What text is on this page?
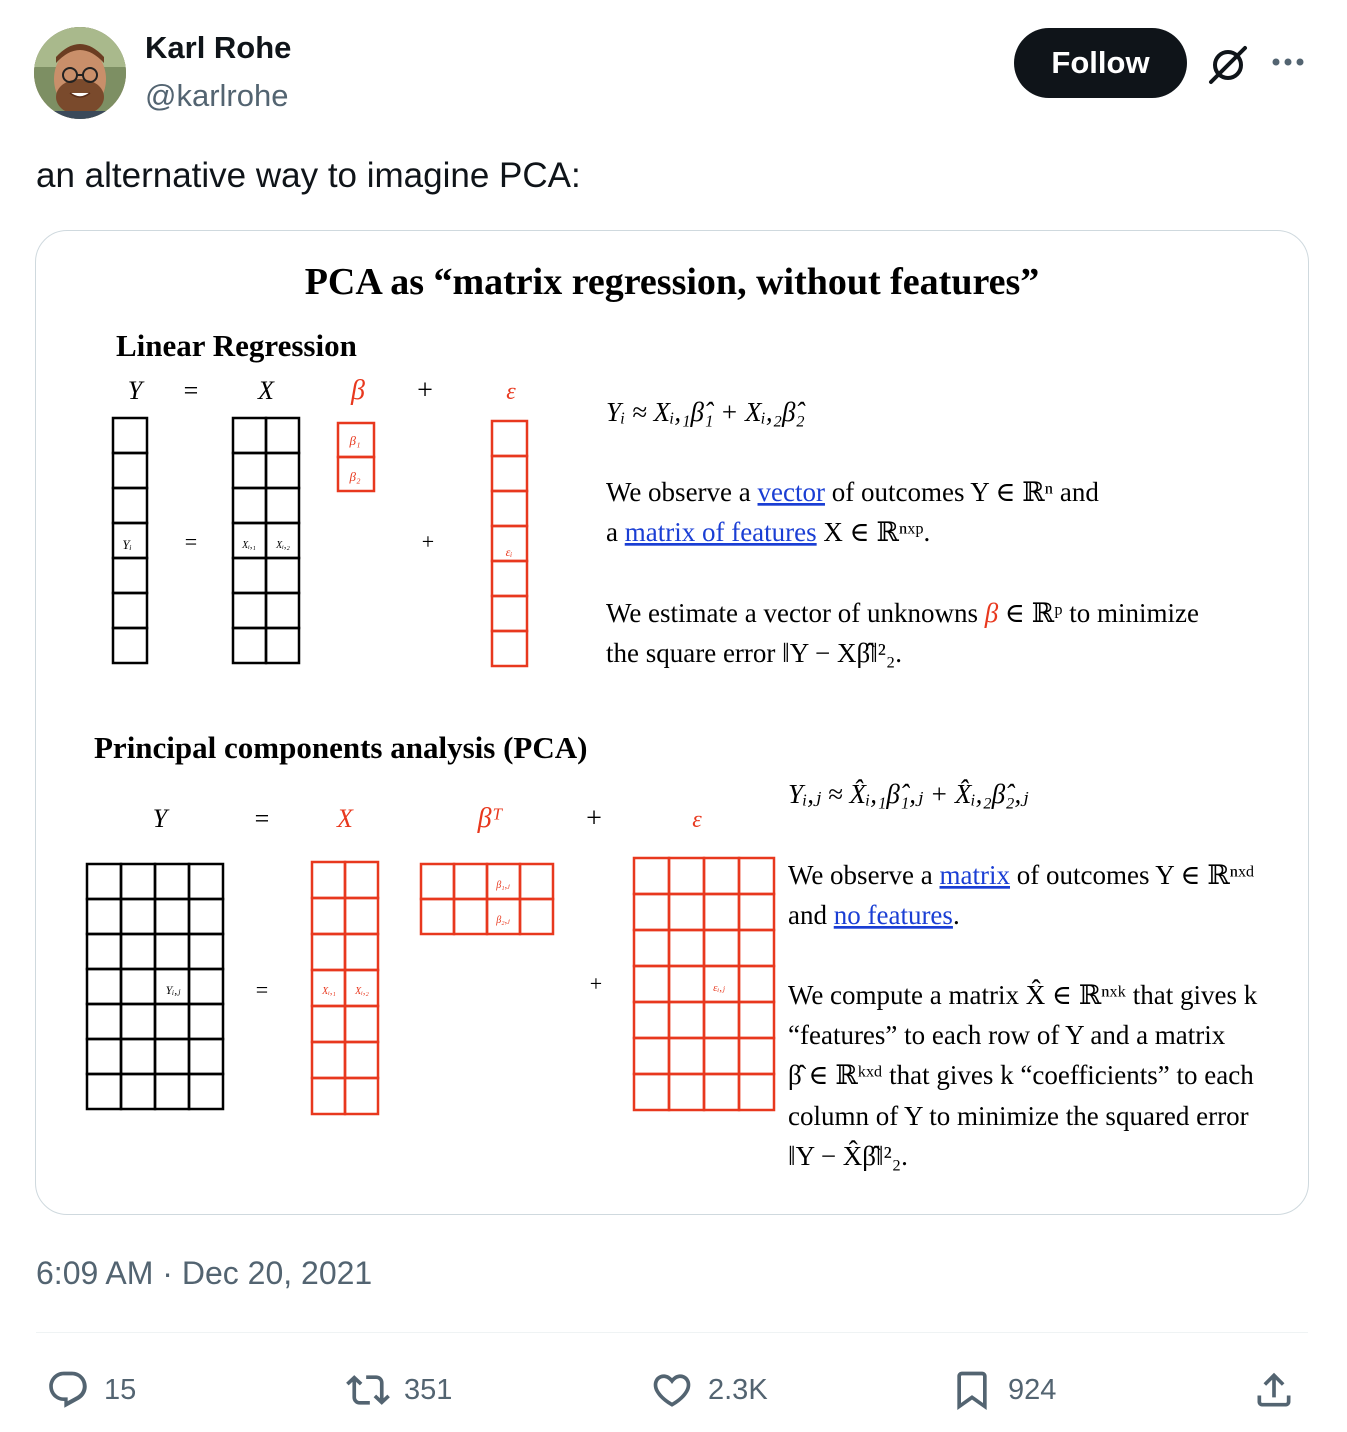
Karl Rohe
@karlrohe
Follow
an alternative way to imagine PCA:
PCA as “matrix regression, without features”
Linear Regression
Y = X	β +	ε
Yᵢ =	Xᵢ,₁ Xᵢ,₂
β₁
β₂
+	εᵢ
Yᵢ ≈ Xᵢ,₁β̂₁ + Xᵢ,₂β̂₂
We observe a vector of outcomes Y ∈ ℝⁿ and
a matrix of features X ∈ ℝⁿˣᵖ.
We estimate a vector of unknowns β ∈ ℝᵖ to minimize
the square error ‖Y − Xβ̂‖²₂.
Principal components analysis (PCA)
Y	=	X	βᵀ	+	ε
Yᵢ,ⱼ	=	Xᵢ,₁ Xᵢ,₂
β₁,ⱼ
β₂,ⱼ
+	εᵢ,ⱼ
Yᵢ,ⱼ ≈ X̂ᵢ,₁β̂₁,ⱼ + X̂ᵢ,₂β̂₂,ⱼ
We observe a matrix of outcomes Y ∈ ℝⁿˣᵈ
and no features.
We compute a matrix X̂ ∈ ℝⁿˣᵏ that gives k
“features” to each row of Y and a matrix
β̂ ∈ ℝᵏˣᵈ that gives k “coefficients” to each
column of Y to minimize the squared error
‖Y − X̂β̂‖²₂.
6:09 AM · Dec 20, 2021
15	351	2.3K	924
